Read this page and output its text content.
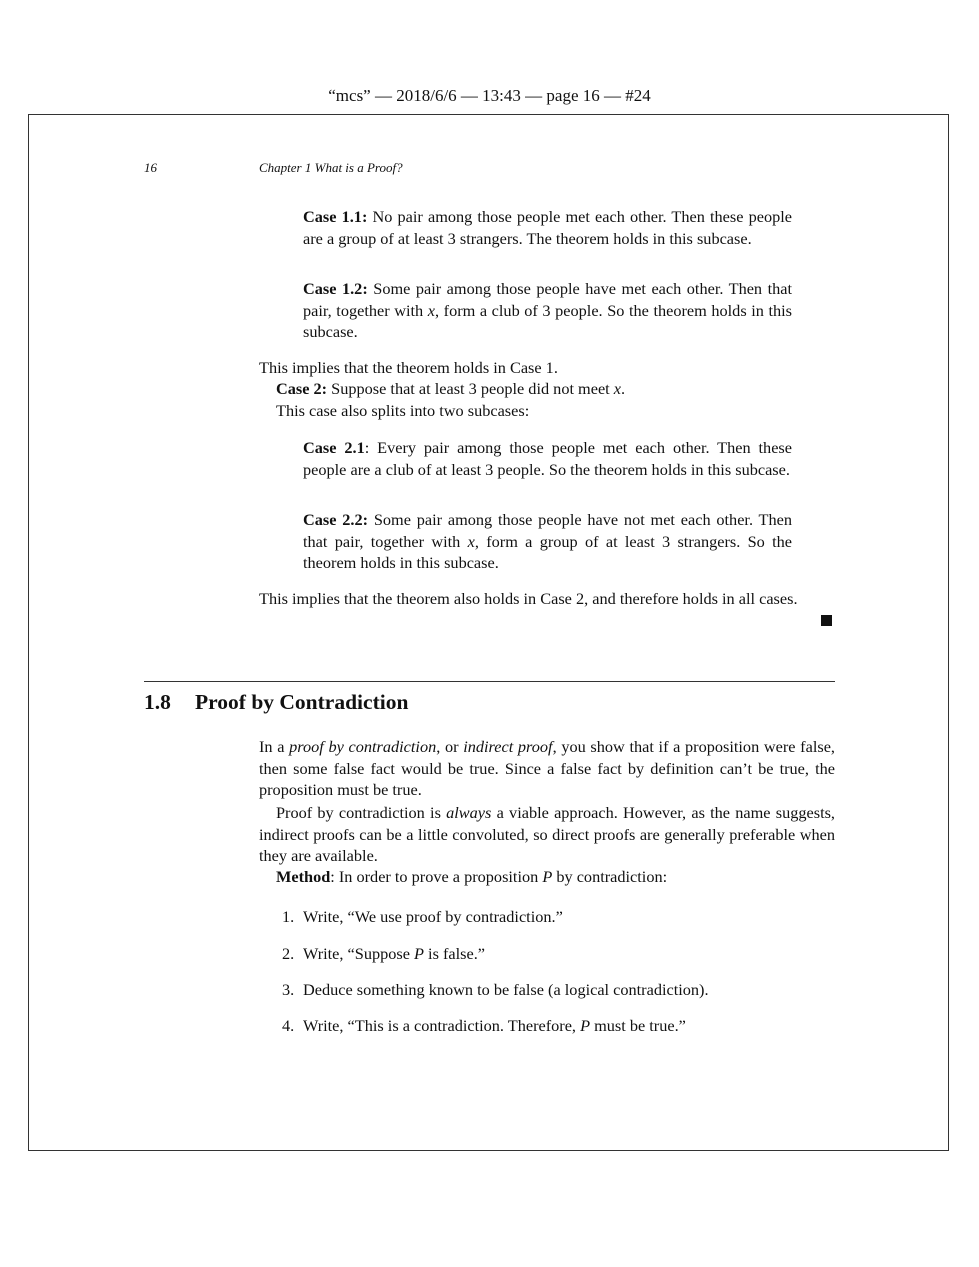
“mcs” — 2018/6/6 — 13:43 — page 16 — #24
16	Chapter 1 What is a Proof?
Case 1.1: No pair among those people met each other. Then these people are a group of at least 3 strangers. The theorem holds in this subcase.
Case 1.2: Some pair among those people have met each other. Then that pair, together with x, form a club of 3 people. So the theorem holds in this subcase.
This implies that the theorem holds in Case 1.
Case 2: Suppose that at least 3 people did not meet x.
This case also splits into two subcases:
Case 2.1: Every pair among those people met each other. Then these people are a club of at least 3 people. So the theorem holds in this subcase.
Case 2.2: Some pair among those people have not met each other. Then that pair, together with x, form a group of at least 3 strangers. So the theorem holds in this subcase.
This implies that the theorem also holds in Case 2, and therefore holds in all cases.
1.8 Proof by Contradiction
In a proof by contradiction, or indirect proof, you show that if a proposition were false, then some false fact would be true. Since a false fact by definition can’t be true, the proposition must be true.
Proof by contradiction is always a viable approach. However, as the name suggests, indirect proofs can be a little convoluted, so direct proofs are generally preferable when they are available.
Method: In order to prove a proposition P by contradiction:
1. Write, “We use proof by contradiction.”
2. Write, “Suppose P is false.”
3. Deduce something known to be false (a logical contradiction).
4. Write, “This is a contradiction. Therefore, P must be true.”
